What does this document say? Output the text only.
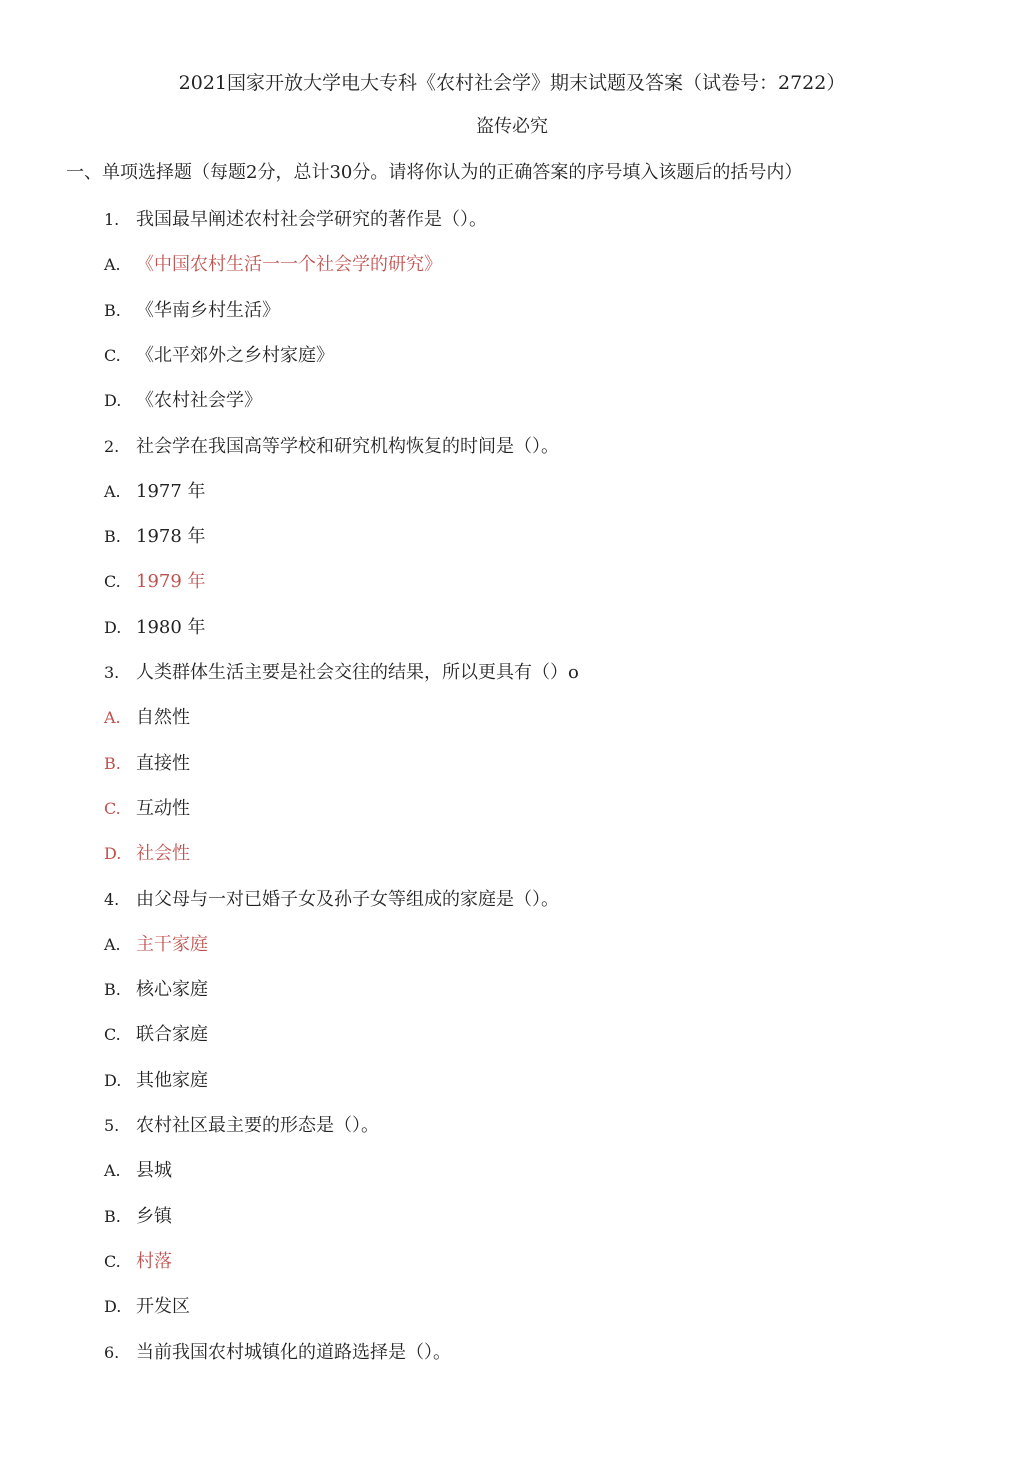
2021国家开放大学电大专科《农村社会学》期末试题及答案（试卷号：2722）
盗传必究
一、单项选择题（每题2分，总计30分。请将你认为的正确答案的序号填入该题后的括号内）
1. 我国最早阐述农村社会学研究的著作是（）。
A. 《中国农村生活一一个社会学的研究》
B. 《华南乡村生活》
C. 《北平郊外之乡村家庭》
D. 《农村社会学》
2. 社会学在我国高等学校和研究机构恢复的时间是（）。
A. 1977 年
B. 1978 年
C. 1979 年
D. 1980 年
3. 人类群体生活主要是社会交往的结果，所以更具有（）o
A. 自然性
B. 直接性
C. 互动性
D. 社会性
4. 由父母与一对已婚子女及孙子女等组成的家庭是（）。
A. 主干家庭
B. 核心家庭
C. 联合家庭
D. 其他家庭
5. 农村社区最主要的形态是（）。
A. 县城
B. 乡镇
C. 村落
D. 开发区
6. 当前我国农村城镇化的道路选择是（）。
